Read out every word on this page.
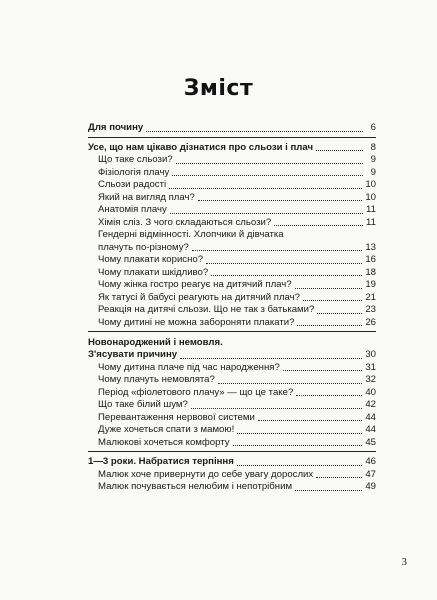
Зміст
Для почину	6
Усе, що нам цікаво дізнатися про сльози і плач	8
Що таке сльози?	9
Фізіологія плачу	9
Сльози радості	10
Який на вигляд плач?	10
Анатомія плачу	11
Хімія сліз. З чого складаються сльози?	11
Гендерні відмінності. Хлопчики й дівчатка
плачуть по-різному?	13
Чому плакати корисно?	16
Чому плакати шкідливо?	18
Чому жінка гостро реагує на дитячий плач?	19
Як татусі й бабусі реагують на дитячий плач?	21
Реакція на дитячі сльози. Що не так з батьками?	23
Чому дитині не можна забороняти плакати?	26
Новонароджений і немовля.
З'ясувати причину	30
Чому дитина плаче під час народження?	31
Чому плачуть немовлята?	32
Період «фіолетового плачу» — що це таке?	40
Що таке білий шум?	42
Перевантаження нервової системи	44
Дуже хочеться спати з мамою!	44
Малюкові хочеться комфорту	45
1—3 роки. Набратися терпіння	46
Малюк хоче привернути до себе увагу дорослих	47
Малюк почувається нелюбим і непотрібним	49
3
